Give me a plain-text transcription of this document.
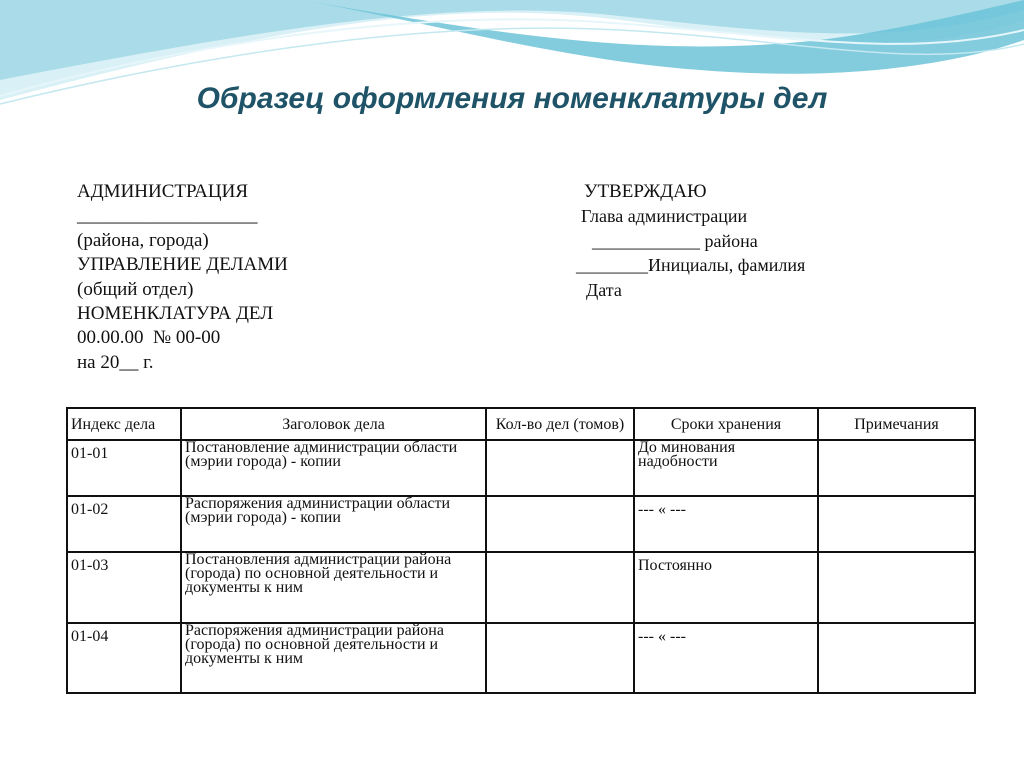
Образец оформления номенклатуры дел
АДМИНИСТРАЦИЯ
___________________
(района, города)
УПРАВЛЕНИЕ ДЕЛАМИ
(общий отдел)
НОМЕНКЛАТУРА ДЕЛ
00.00.00  № 00-00
на 20__ г.
УТВЕРЖДАЮ
Глава администрации
____________ района
________Инициалы, фамилия
Дата
Индекс дела	Заголовок дела	Кол-во дел (томов)	Сроки хранения	Примечания
01-01	Постановление администрации области (мэрии города) - копии		До минования надобности	
01-02	Распоряжения администрации области (мэрии города) - копии		--- « ---	
01-03	Постановления администрации района (города) по основной деятельности и документы к ним		Постоянно	
01-04	Распоряжения администрации района (города) по основной деятельности и документы к ним		--- « ---	
